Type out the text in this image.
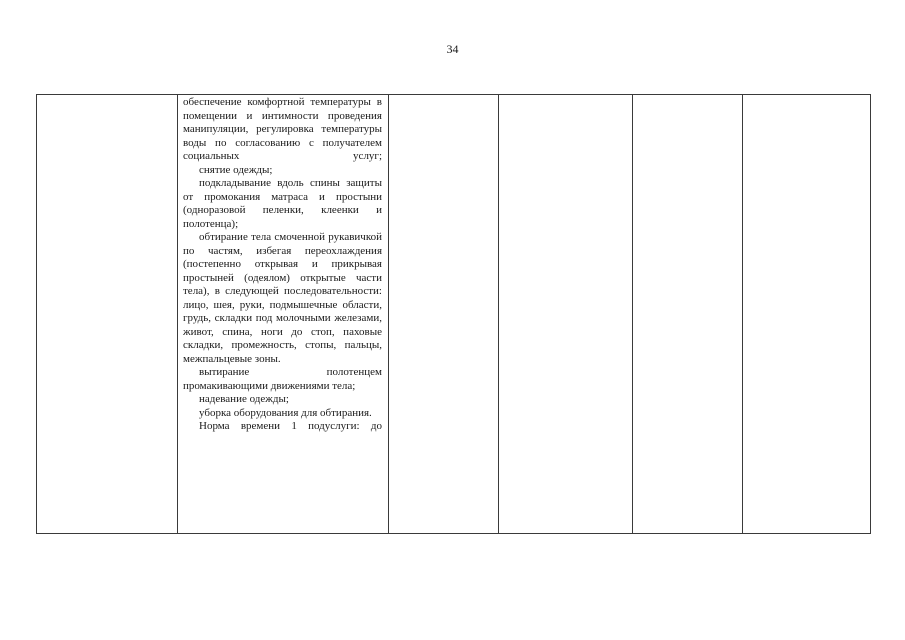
34

обеспечение комфортной температуры в помещении и интимности проведения манипуляции, регулировка температуры воды по согласованию с получателем социальных услуг;

снятие одежды;

подкладывание вдоль спины защиты от промокания матраса и простыни (одноразовой пеленки, клеенки и полотенца);

обтирание тела смоченной рукавичкой по частям, избегая переохлаждения (постепенно открывая и прикрывая простыней (одеялом) открытые части тела), в следующей последовательности: лицо, шея, руки, подмышечные области, грудь, складки под молочными железами, живот, спина, ноги до стоп, паховые складки, промежность, стопы, пальцы, межпальцевые зоны.

вытирание полотенцем промакивающими движениями тела;

надевание одежды;

уборка оборудования для обтирания.

Норма времени 1 подуслуги: до
